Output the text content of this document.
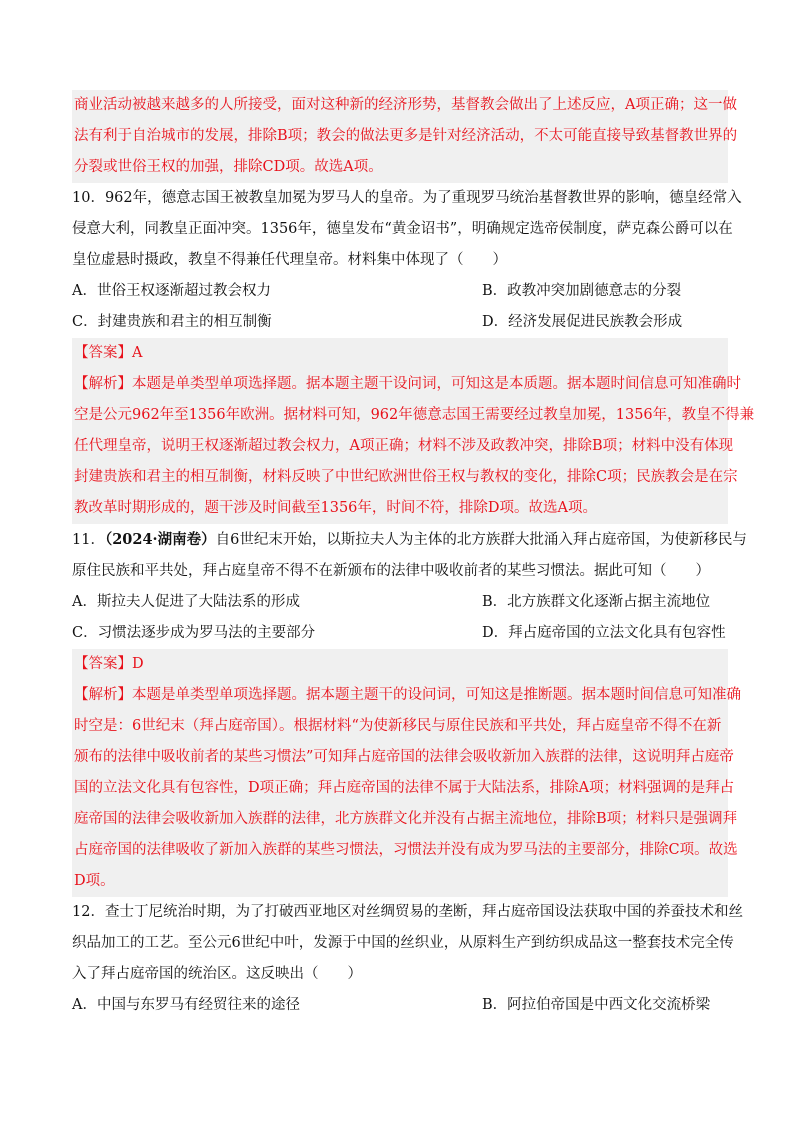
商业活动被越来越多的人所接受，面对这种新的经济形势，基督教会做出了上述反应，A项正确；这一做
法有利于自治城市的发展，排除B项；教会的做法更多是针对经济活动，不太可能直接导致基督教世界的
分裂或世俗王权的加强，排除CD项。故选A项。
10．962年，德意志国王被教皇加冕为罗马人的皇帝。为了重现罗马统治基督教世界的影响，德皇经常入
侵意大利，同教皇正面冲突。1356年，德皇发布“黄金诏书”，明确规定选帝侯制度，萨克森公爵可以在
皇位虚悬时摄政，教皇不得兼任代理皇帝。材料集中体现了（　　）
A．世俗王权逐渐超过教会权力	B．政教冲突加剧德意志的分裂
C．封建贵族和君主的相互制衡	D．经济发展促进民族教会形成
【答案】A
【解析】本题是单类型单项选择题。据本题主题干设问词，可知这是本质题。据本题时间信息可知准确时
空是公元962年至1356年欧洲。据材料可知，962年德意志国王需要经过教皇加冕，1356年，教皇不得兼
任代理皇帝，说明王权逐渐超过教会权力，A项正确；材料不涉及政教冲突，排除B项；材料中没有体现
封建贵族和君主的相互制衡，材料反映了中世纪欧洲世俗王权与教权的变化，排除C项；民族教会是在宗
教改革时期形成的，题干涉及时间截至1356年，时间不符，排除D项。故选A项。
11．（2024·湖南卷）自6世纪末开始，以斯拉夫人为主体的北方族群大批涌入拜占庭帝国，为使新移民与
原住民族和平共处，拜占庭皇帝不得不在新颁布的法律中吸收前者的某些习惯法。据此可知（　　）
A．斯拉夫人促进了大陆法系的形成	B．北方族群文化逐渐占据主流地位
C．习惯法逐步成为罗马法的主要部分	D．拜占庭帝国的立法文化具有包容性
【答案】D
【解析】本题是单类型单项选择题。据本题主题干的设问词，可知这是推断题。据本题时间信息可知准确
时空是：6世纪末（拜占庭帝国）。根据材料“为使新移民与原住民族和平共处，拜占庭皇帝不得不在新
颁布的法律中吸收前者的某些习惯法”可知拜占庭帝国的法律会吸收新加入族群的法律，这说明拜占庭帝
国的立法文化具有包容性，D项正确；拜占庭帝国的法律不属于大陆法系，排除A项；材料强调的是拜占
庭帝国的法律会吸收新加入族群的法律，北方族群文化并没有占据主流地位，排除B项；材料只是强调拜
占庭帝国的法律吸收了新加入族群的某些习惯法，习惯法并没有成为罗马法的主要部分，排除C项。故选
D项。
12．查士丁尼统治时期，为了打破西亚地区对丝绸贸易的垄断，拜占庭帝国设法获取中国的养蚕技术和丝
织品加工的工艺。至公元6世纪中叶，发源于中国的丝织业，从原料生产到纺织成品这一整套技术完全传
入了拜占庭帝国的统治区。这反映出（　　）
A．中国与东罗马有经贸往来的途径	B．阿拉伯帝国是中西文化交流桥梁
